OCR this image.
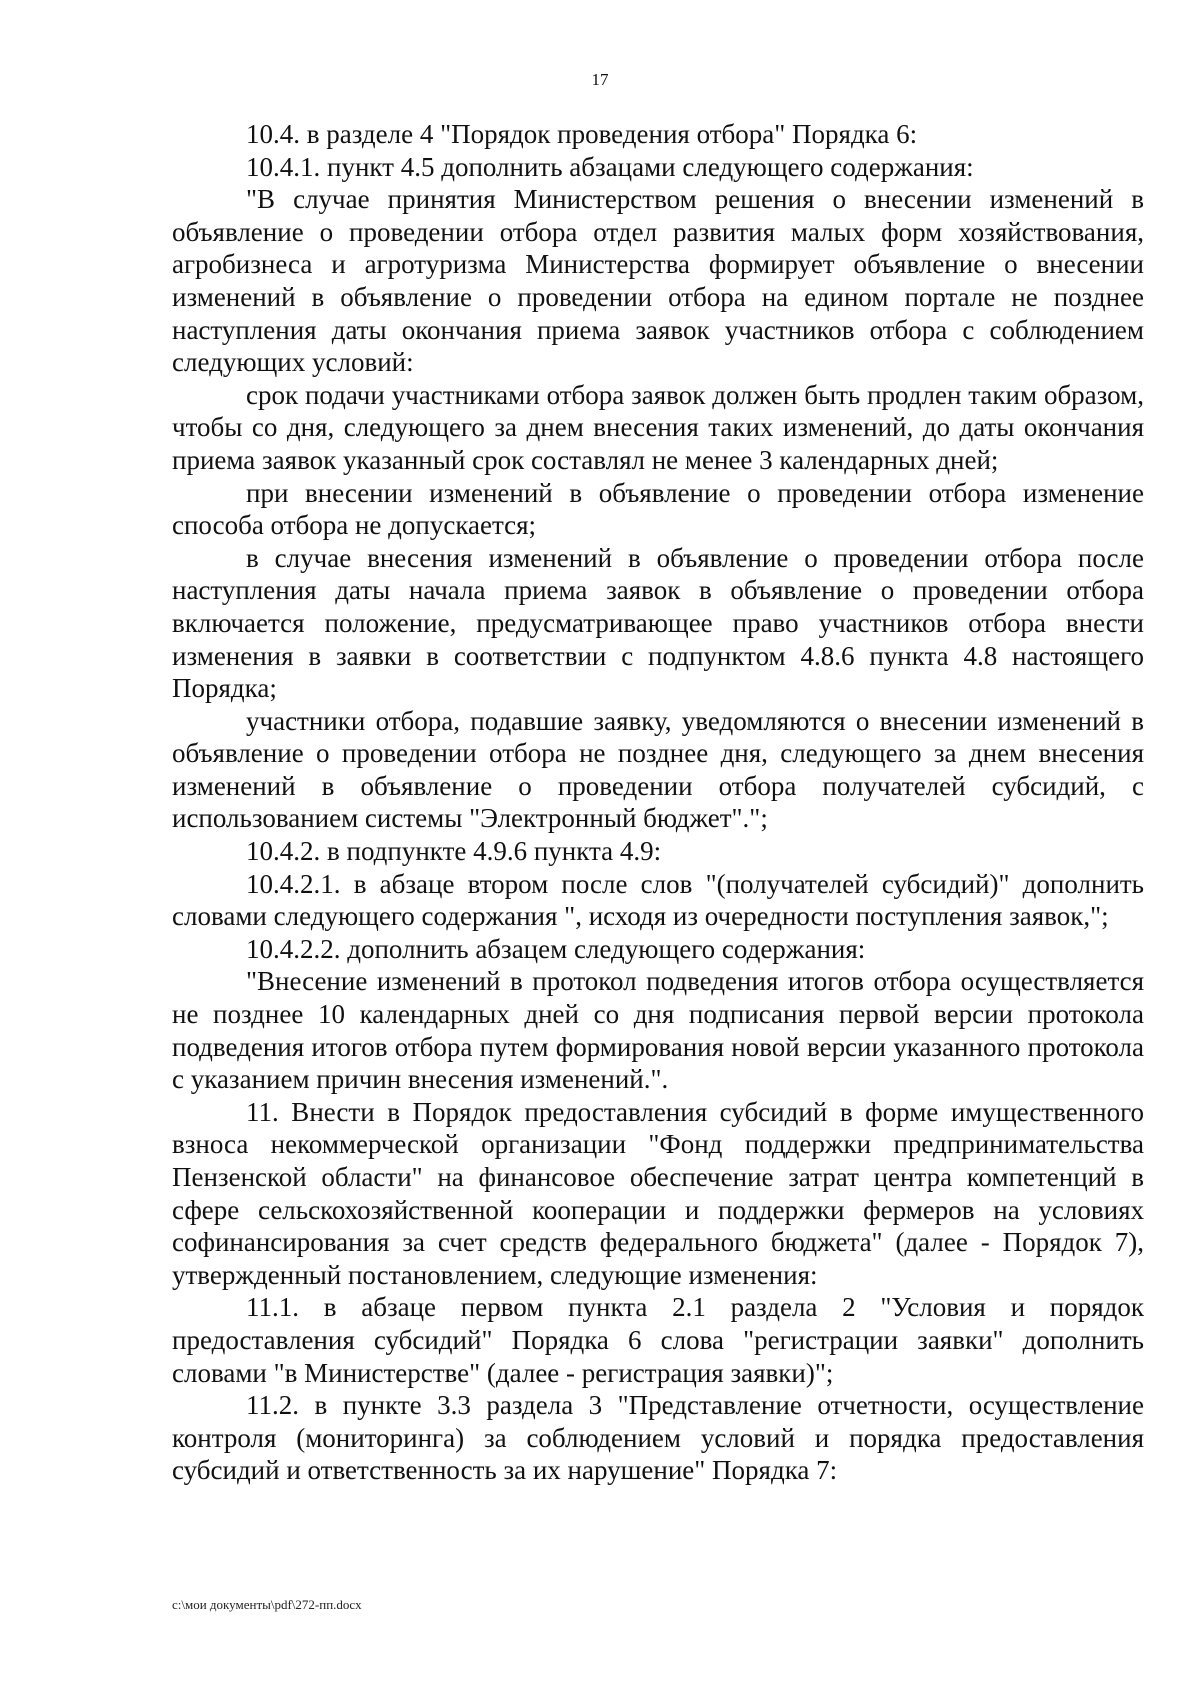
17

10.4. в разделе 4 "Порядок проведения отбора" Порядка 6:

10.4.1. пункт 4.5 дополнить абзацами следующего содержания:

"В случае принятия Министерством решения о внесении изменений в объявление о проведении отбора отдел развития малых форм хозяйствования, агробизнеса и агротуризма Министерства формирует объявление о внесении изменений в объявление о проведении отбора на едином портале не позднее наступления даты окончания приема заявок участников отбора с соблюдением следующих условий:

срок подачи участниками отбора заявок должен быть продлен таким образом, чтобы со дня, следующего за днем внесения таких изменений, до даты окончания приема заявок указанный срок составлял не менее 3 календарных дней;

при внесении изменений в объявление о проведении отбора изменение способа отбора не допускается;

в случае внесения изменений в объявление о проведении отбора после наступления даты начала приема заявок в объявление о проведении отбора включается положение, предусматривающее право участников отбора внести изменения в заявки в соответствии с подпунктом 4.8.6 пункта 4.8 настоящего Порядка;

участники отбора, подавшие заявку, уведомляются о внесении изменений в объявление о проведении отбора не позднее дня, следующего за днем внесения изменений в объявление о проведении отбора получателей субсидий, с использованием системы "Электронный бюджет".";

10.4.2. в подпункте 4.9.6 пункта 4.9:

10.4.2.1. в абзаце втором после слов "(получателей субсидий)" дополнить словами следующего содержания ", исходя из очередности поступления заявок,";

10.4.2.2. дополнить абзацем следующего содержания:

"Внесение изменений в протокол подведения итогов отбора осуществляется не позднее 10 календарных дней со дня подписания первой версии протокола подведения итогов отбора путем формирования новой версии указанного протокола с указанием причин внесения изменений.".

11. Внести в Порядок предоставления субсидий в форме имущественного взноса некоммерческой организации "Фонд поддержки предпринимательства Пензенской области" на финансовое обеспечение затрат центра компетенций в сфере сельскохозяйственной кооперации и поддержки фермеров на условиях софинансирования за счет средств федерального бюджета" (далее - Порядок 7), утвержденный постановлением, следующие изменения:

11.1. в абзаце первом пункта 2.1 раздела 2 "Условия и порядок предоставления субсидий" Порядка 6 слова "регистрации заявки" дополнить словами "в Министерстве" (далее - регистрация заявки)";

11.2. в пункте 3.3 раздела 3 "Представление отчетности, осуществление контроля (мониторинга) за соблюдением условий и порядка предоставления субсидий и ответственность за их нарушение" Порядка 7:

c:\мои документы\pdf\272-пп.docx
